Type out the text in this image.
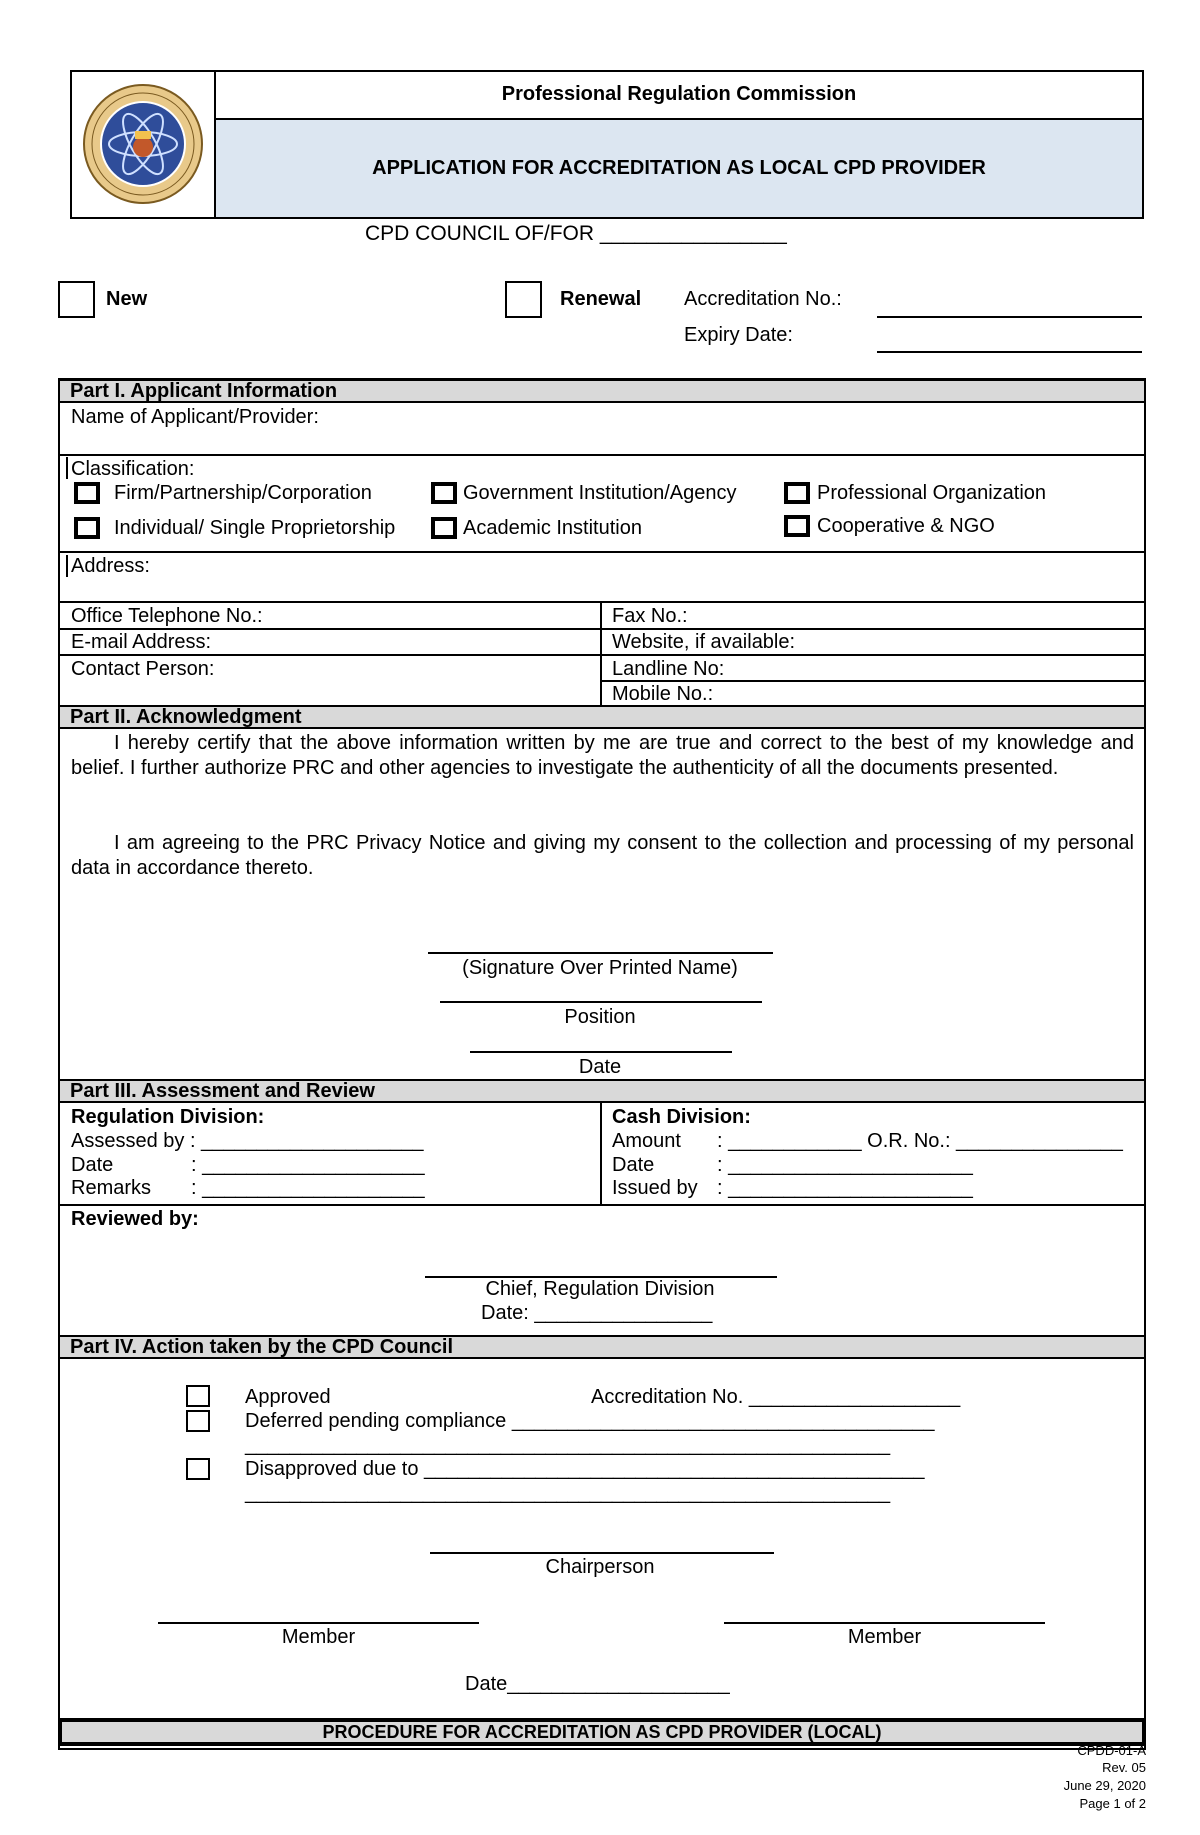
Professional Regulation Commission
APPLICATION FOR ACCREDITATION AS LOCAL CPD PROVIDER
CPD COUNCIL OF/FOR ________________
New	Renewal Accreditation No.:
Expiry Date:
Part I. Applicant Information
Name of Applicant/Provider:
Classification:
Firm/Partnership/Corporation	Government Institution/Agency	Professional Organization
Individual/ Single Proprietorship	Academic Institution	Cooperative & NGO
Address:
Office Telephone No.:	Fax No.:
E-mail Address:	Website, if available:
Contact Person:	Landline No:
Mobile No.:
Part II. Acknowledgment
I hereby certify that the above information written by me are true and correct to the best of my knowledge and belief. I further authorize PRC and other agencies to investigate the authenticity of all the documents presented.
I am agreeing to the PRC Privacy Notice and giving my consent to the collection and processing of my personal data in accordance thereto.
(Signature Over Printed Name)
Position
Date
Part III. Assessment and Review
Regulation Division:
Assessed by : ____________________
Date	: ____________________
Remarks : ____________________
Cash Division:
Amount : ____________ O.R. No.: _______________
Date	: ______________________
Issued by : ______________________
Reviewed by:
Chief, Regulation Division
Date: ________________
Part IV. Action taken by the CPD Council
Approved	Accreditation No. ___________________
Deferred pending compliance ______________________________________
__________________________________________________________
Disapproved due to _____________________________________________
__________________________________________________________
Chairperson
Member	Member
Date____________________
PROCEDURE FOR ACCREDITATION AS CPD PROVIDER (LOCAL)
CPDD-01-A
Rev. 05
June 29, 2020
Page 1 of 2
